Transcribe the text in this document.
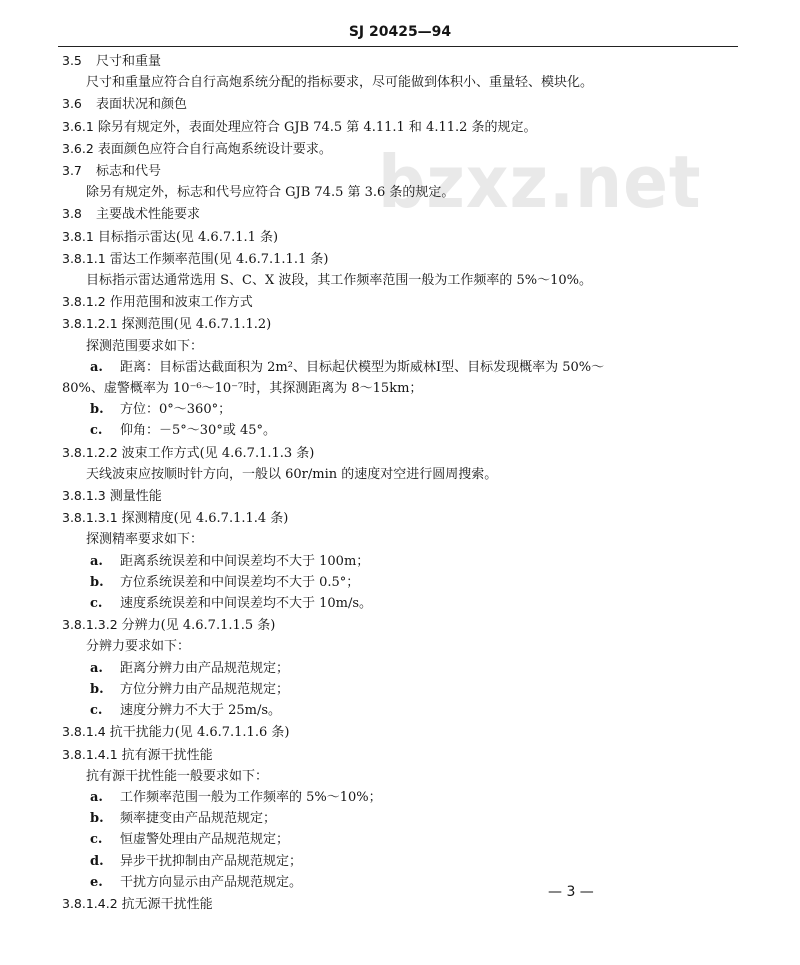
SJ 20425—94
bzxz.net
3.5 尺寸和重量
尺寸和重量应符合自行高炮系统分配的指标要求，尽可能做到体积小、重量轻、模块化。
3.6 表面状况和颜色
3.6.1 除另有规定外，表面处理应符合 GJB 74.5 第 4.11.1 和 4.11.2 条的规定。
3.6.2 表面颜色应符合自行高炮系统设计要求。
3.7 标志和代号
除另有规定外，标志和代号应符合 GJB 74.5 第 3.6 条的规定。
3.8 主要战术性能要求
3.8.1 目标指示雷达(见 4.6.7.1.1 条)
3.8.1.1 雷达工作频率范围(见 4.6.7.1.1.1 条)
目标指示雷达通常选用 S、C、X 波段，其工作频率范围一般为工作频率的 5%～10%。
3.8.1.2 作用范围和波束工作方式
3.8.1.2.1 探测范围(见 4.6.7.1.1.2)
探测范围要求如下：
a. 距离：目标雷达截面积为 2m²、目标起伏模型为斯威林Ⅰ型、目标发现概率为 50%～
80%、虚警概率为 10⁻⁶～10⁻⁷时，其探测距离为 8～15km；
b. 方位：0°～360°；
c. 仰角：－5°～30°或 45°。
3.8.1.2.2 波束工作方式(见 4.6.7.1.1.3 条)
天线波束应按顺时针方向，一般以 60r/min 的速度对空进行圆周搜索。
3.8.1.3 测量性能
3.8.1.3.1 探测精度(见 4.6.7.1.1.4 条)
探测精率要求如下：
a. 距离系统误差和中间误差均不大于 100m；
b. 方位系统误差和中间误差均不大于 0.5°；
c. 速度系统误差和中间误差均不大于 10m/s。
3.8.1.3.2 分辨力(见 4.6.7.1.1.5 条)
分辨力要求如下：
a. 距离分辨力由产品规范规定；
b. 方位分辨力由产品规范规定；
c. 速度分辨力不大于 25m/s。
3.8.1.4 抗干扰能力(见 4.6.7.1.1.6 条)
3.8.1.4.1 抗有源干扰性能
抗有源干扰性能一般要求如下：
a. 工作频率范围一般为工作频率的 5%～10%；
b. 频率捷变由产品规范规定；
c. 恒虚警处理由产品规范规定；
d. 异步干扰抑制由产品规范规定；
e. 干扰方向显示由产品规范规定。
3.8.1.4.2 抗无源干扰性能
— 3 —
